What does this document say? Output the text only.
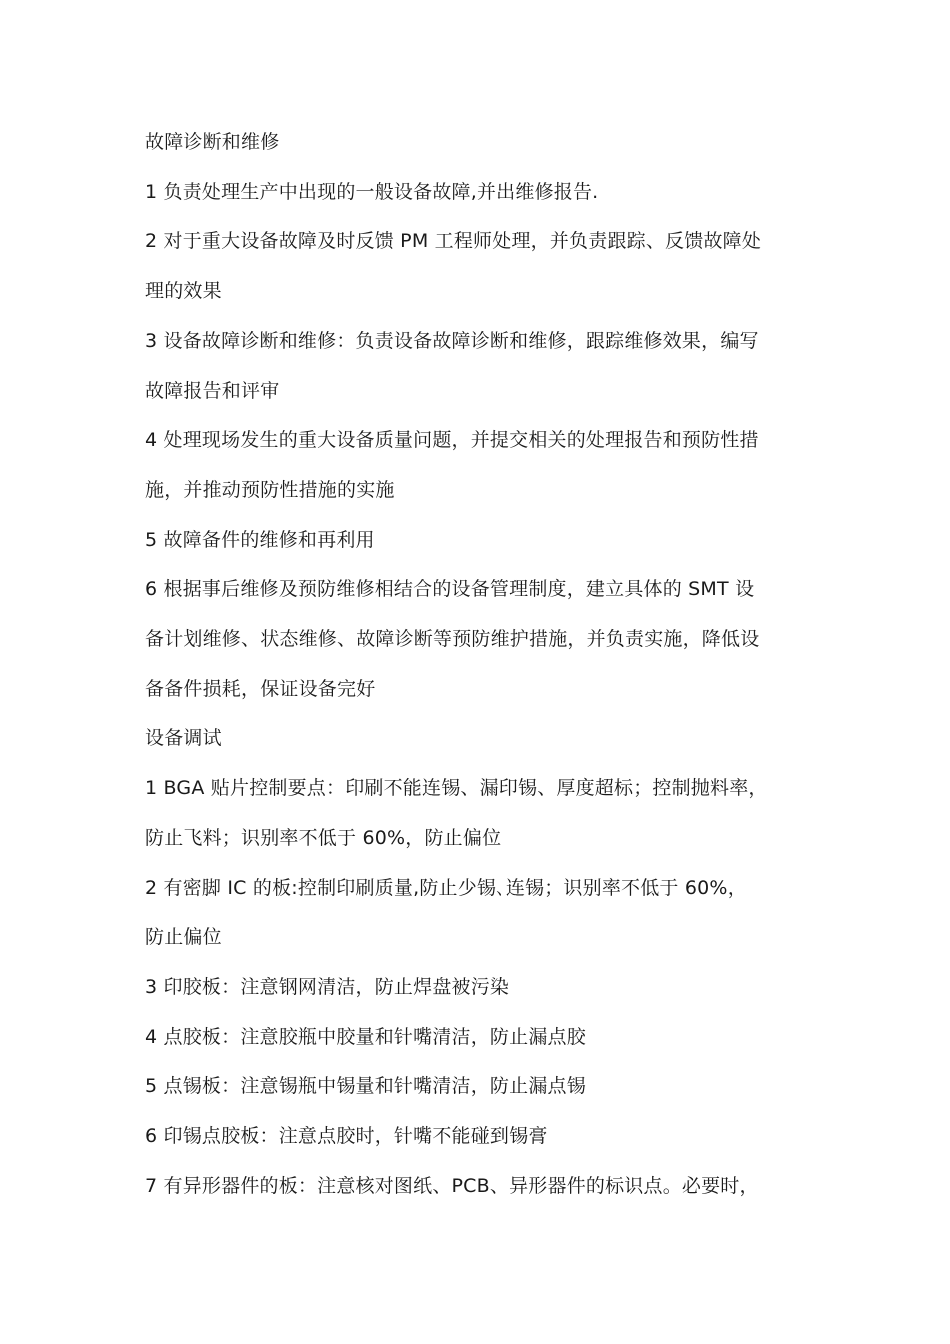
故障诊断和维修
1 负责处理生产中出现的一般设备故障,并出维修报告.
2 对于重大设备故障及时反馈 PM 工程师处理，并负责跟踪、反馈故障处
理的效果
3 设备故障诊断和维修：负责设备故障诊断和维修，跟踪维修效果，编写
故障报告和评审
4 处理现场发生的重大设备质量问题，并提交相关的处理报告和预防性措
施，并推动预防性措施的实施
5 故障备件的维修和再利用
6 根据事后维修及预防维修相结合的设备管理制度，建立具体的 SMT 设
备计划维修、状态维修、故障诊断等预防维护措施，并负责实施，降低设
备备件损耗，保证设备完好
设备调试
1 BGA 贴片控制要点：印刷不能连锡、漏印锡、厚度超标；控制抛料率，
防止飞料；识别率不低于 60%，防止偏位
2 有密脚 IC 的板:控制印刷质量,防止少锡､连锡；识别率不低于 60%，
防止偏位
3 印胶板：注意钢网清洁，防止焊盘被污染
4 点胶板：注意胶瓶中胶量和针嘴清洁，防止漏点胶
5 点锡板：注意锡瓶中锡量和针嘴清洁，防止漏点锡
6 印锡点胶板：注意点胶时，针嘴不能碰到锡膏
7 有异形器件的板：注意核对图纸、PCB、异形器件的标识点。必要时，
